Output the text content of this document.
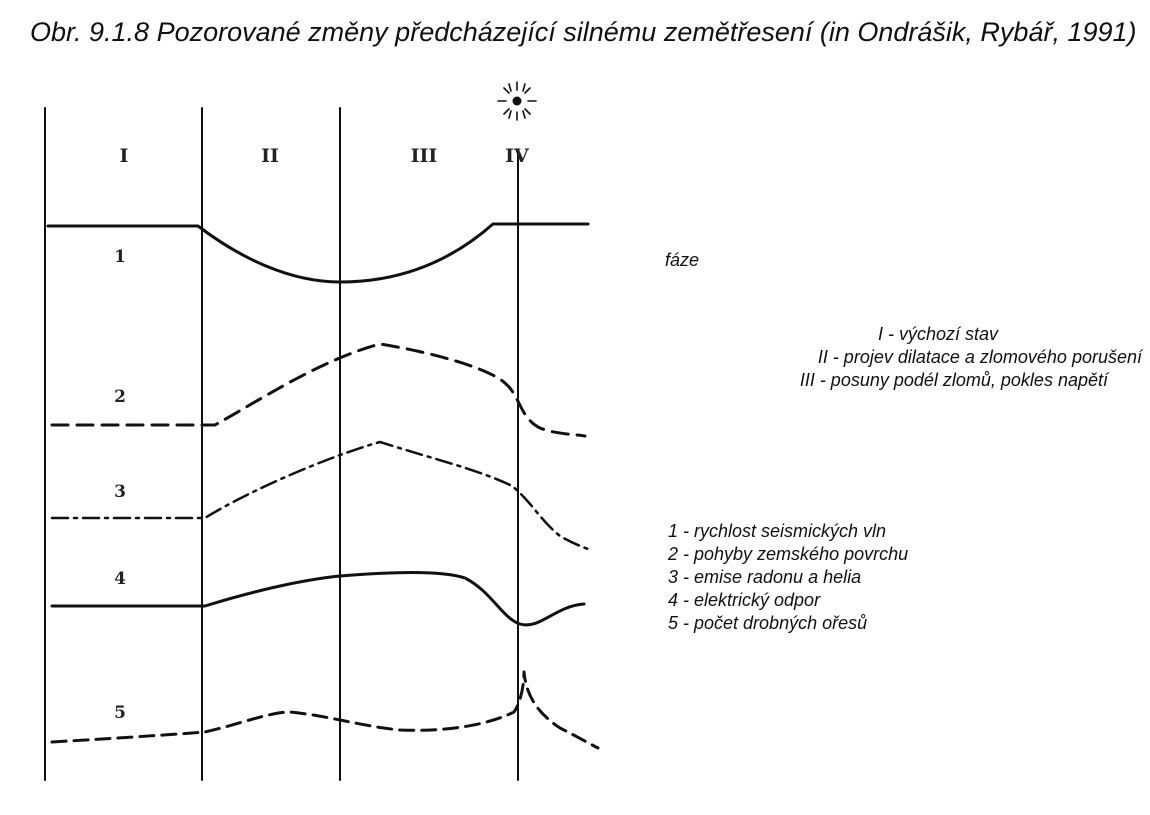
Obr. 9.1.8 Pozorované změny předcházející silnému zemětřesení (in Ondrášik, Rybář, 1991)
I	II	III	IV
1
2
3
4
5
fáze
I - výchozí stav
II - projev dilatace a zlomového porušení
III - posuny podél zlomů, pokles napětí
1 - rychlost seismických vln
2 - pohyby zemského povrchu
3 - emise radonu a helia
4 - elektrický odpor
5 - počet drobných ořesů
